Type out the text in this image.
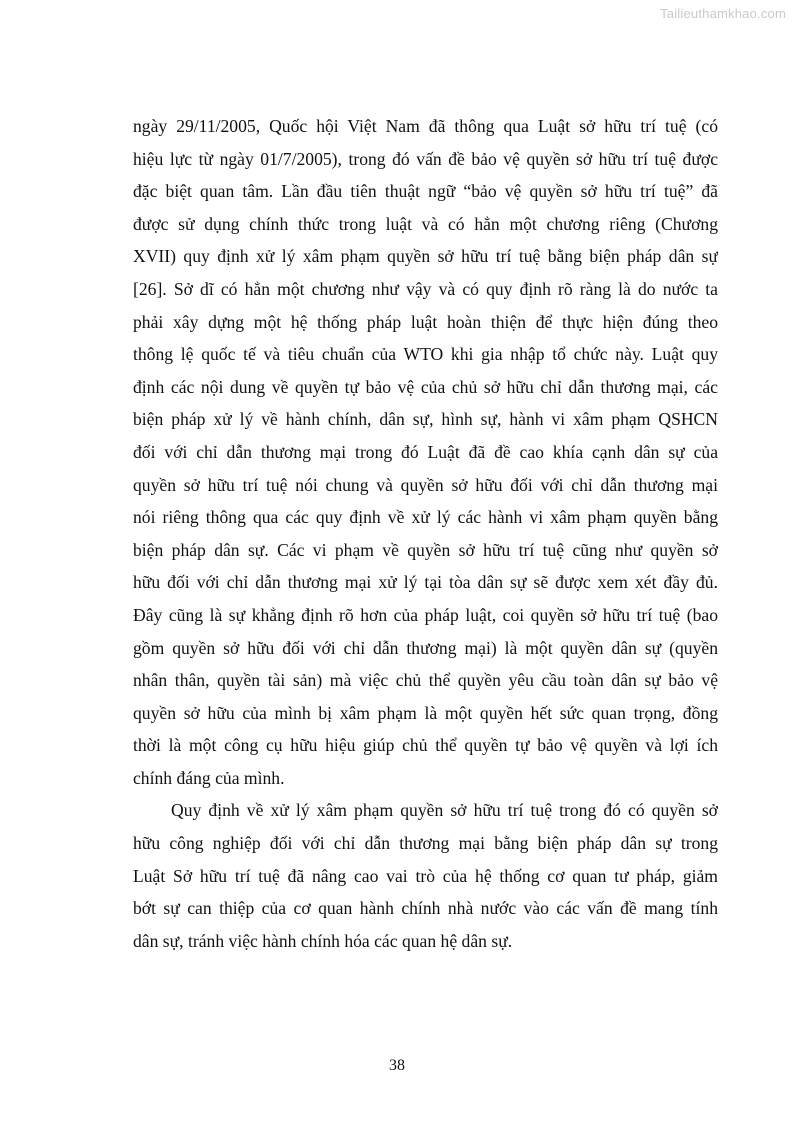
Tailieuthamkhao.com
ngày 29/11/2005, Quốc hội Việt Nam đã thông qua Luật sở hữu trí tuệ (có
hiệu lực từ ngày 01/7/2005), trong đó vấn đề bảo vệ quyền sở hữu trí tuệ được
đặc biệt quan tâm. Lần đầu tiên thuật ngữ “bảo vệ quyền sở hữu trí tuệ” đã
được sử dụng chính thức trong luật và có hẳn một chương riêng (Chương
XVII) quy định xử lý xâm phạm quyền sở hữu trí tuệ bằng biện pháp dân sự
[26]. Sở dĩ có hẳn một chương như vậy và có quy định rõ ràng là do nước ta
phải xây dựng một hệ thống pháp luật hoàn thiện để thực hiện đúng theo
thông lệ quốc tế và tiêu chuẩn của WTO khi gia nhập tổ chức này. Luật quy
định các nội dung về quyền tự bảo vệ của chủ sở hữu chỉ dẫn thương mại, các
biện pháp xử lý về hành chính, dân sự, hình sự, hành vi xâm phạm QSHCN
đối với chỉ dẫn thương mại trong đó Luật đã đề cao khía cạnh dân sự của
quyền sở hữu trí tuệ nói chung và quyền sở hữu đối với chỉ dẫn thương mại
nói riêng thông qua các quy định về xử lý các hành vi xâm phạm quyền bằng
biện pháp dân sự. Các vi phạm về quyền sở hữu trí tuệ cũng như quyền sở
hữu đối với chỉ dẫn thương mại xử lý tại tòa dân sự sẽ được xem xét đầy đủ.
Đây cũng là sự khẳng định rõ hơn của pháp luật, coi quyền sở hữu trí tuệ (bao
gồm quyền sở hữu đối với chỉ dẫn thương mại) là một quyền dân sự (quyền
nhân thân, quyền tài sản) mà việc chủ thể quyền yêu cầu toàn dân sự bảo vệ
quyền sở hữu của mình bị xâm phạm là một quyền hết sức quan trọng, đồng
thời là một công cụ hữu hiệu giúp chủ thể quyền tự bảo vệ quyền và lợi ích
chính đáng của mình.
Quy định về xử lý xâm phạm quyền sở hữu trí tuệ trong đó có quyền sở
hữu công nghiệp đối với chỉ dẫn thương mại bằng biện pháp dân sự trong
Luật Sở hữu trí tuệ đã nâng cao vai trò của hệ thống cơ quan tư pháp, giảm
bớt sự can thiệp của cơ quan hành chính nhà nước vào các vấn đề mang tính
dân sự, tránh việc hành chính hóa các quan hệ dân sự.
38
